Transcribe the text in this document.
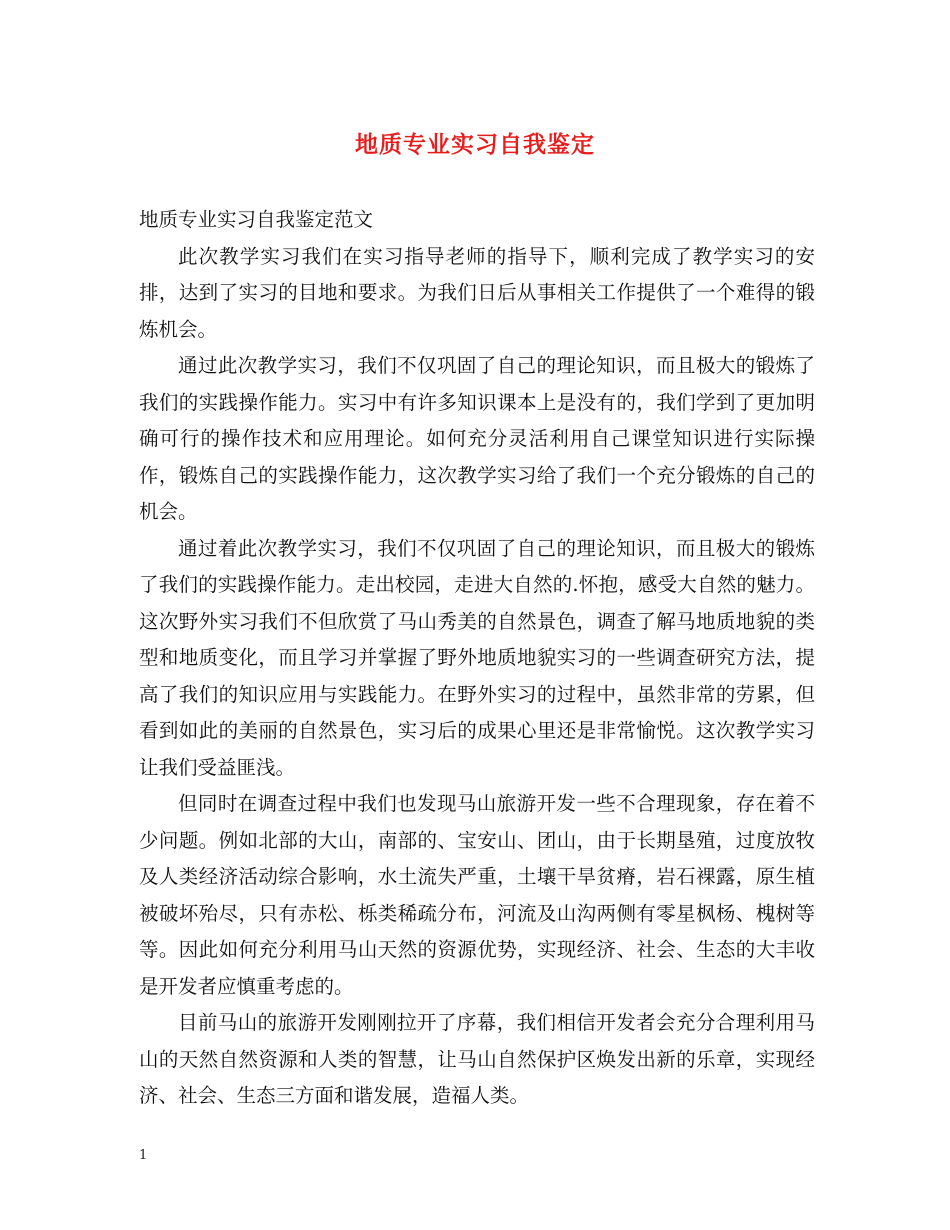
地质专业实习自我鉴定

地质专业实习自我鉴定范文

此次教学实习我们在实习指导老师的指导下，顺利完成了教学实习的安排，达到了实习的目地和要求。为我们日后从事相关工作提供了一个难得的锻炼机会。

通过此次教学实习，我们不仅巩固了自己的理论知识，而且极大的锻炼了我们的实践操作能力。实习中有许多知识课本上是没有的，我们学到了更加明确可行的操作技术和应用理论。如何充分灵活利用自己课堂知识进行实际操作，锻炼自己的实践操作能力，这次教学实习给了我们一个充分锻炼的自己的机会。

通过着此次教学实习，我们不仅巩固了自己的理论知识，而且极大的锻炼了我们的实践操作能力。走出校园，走进大自然的.怀抱，感受大自然的魅力。这次野外实习我们不但欣赏了马山秀美的自然景色，调查了解马地质地貌的类型和地质变化，而且学习并掌握了野外地质地貌实习的一些调查研究方法，提高了我们的知识应用与实践能力。在野外实习的过程中，虽然非常的劳累，但看到如此的美丽的自然景色，实习后的成果心里还是非常愉悦。这次教学实习让我们受益匪浅。

但同时在调查过程中我们也发现马山旅游开发一些不合理现象，存在着不少问题。例如北部的大山，南部的、宝安山、团山，由于长期垦殖，过度放牧及人类经济活动综合影响，水土流失严重，土壤干旱贫瘠，岩石裸露，原生植被破坏殆尽，只有赤松、栎类稀疏分布，河流及山沟两侧有零星枫杨、槐树等等。因此如何充分利用马山天然的资源优势，实现经济、社会、生态的大丰收是开发者应慎重考虑的。

目前马山的旅游开发刚刚拉开了序幕，我们相信开发者会充分合理利用马山的天然自然资源和人类的智慧，让马山自然保护区焕发出新的乐章，实现经济、社会、生态三方面和谐发展，造福人类。

1
